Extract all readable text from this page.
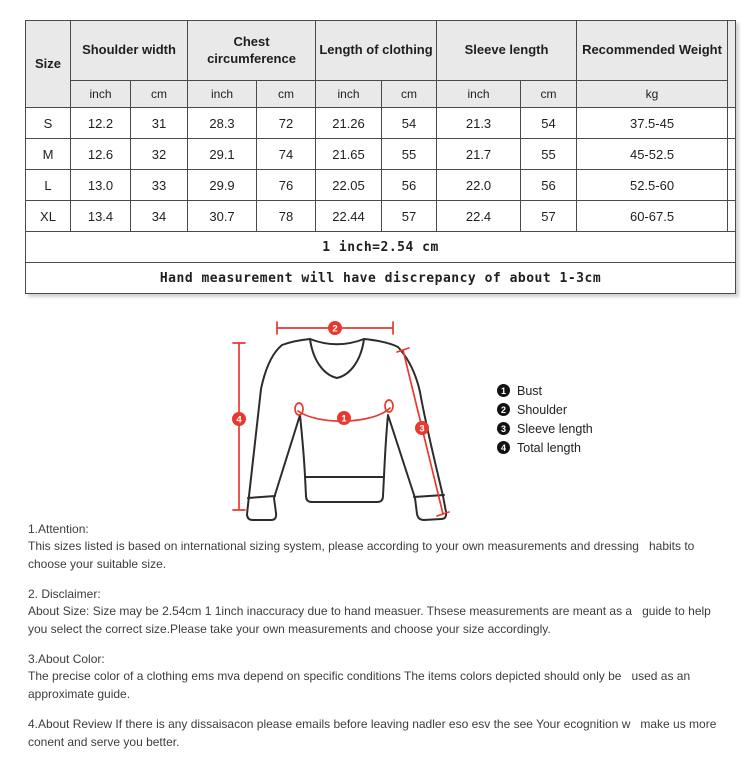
Size	Shoulder width		Chest circumference		Length of clothing		Sleeve length		Recommended Weight	
	inch	cm	inch	cm	inch	cm	inch	cm	kg	
S	12.2	31	28.3	72	21.26	54	21.3	54	37.5-45	
M	12.6	32	29.1	74	21.65	55	21.7	55	45-52.5	
L	13.0	33	29.9	76	22.05	56	22.0	56	52.5-60	
XL	13.4	34	30.7	78	22.44	57	22.4	57	60-67.5	
1 inch=2.54 cm										
Hand measurement will have discrepancy of about 1-3cm										
1
2
3
4
1 Bust
2 Shoulder
3 Sleeve length
4 Total length
1.Attention:
This sizes listed is based on international sizing system, please according to your own measurements and dressing   habits to choose your suitable size.
2. Disclaimer:
About Size: Size may be 2.54cm 1 1inch inaccuracy due to hand measuer. Thsese measurements are meant as a   guide to help you select the correct size.Please take your own measurements and choose your size accordingly.
3.About Color:
The precise color of a clothing ems mva depend on specific conditions The items colors depicted should only be   used as an approximate guide.
4.About Review If there is any dissaisacon please emails before leaving nadler eso esv the see Your ecognition w   make us more conent and serve you better.
